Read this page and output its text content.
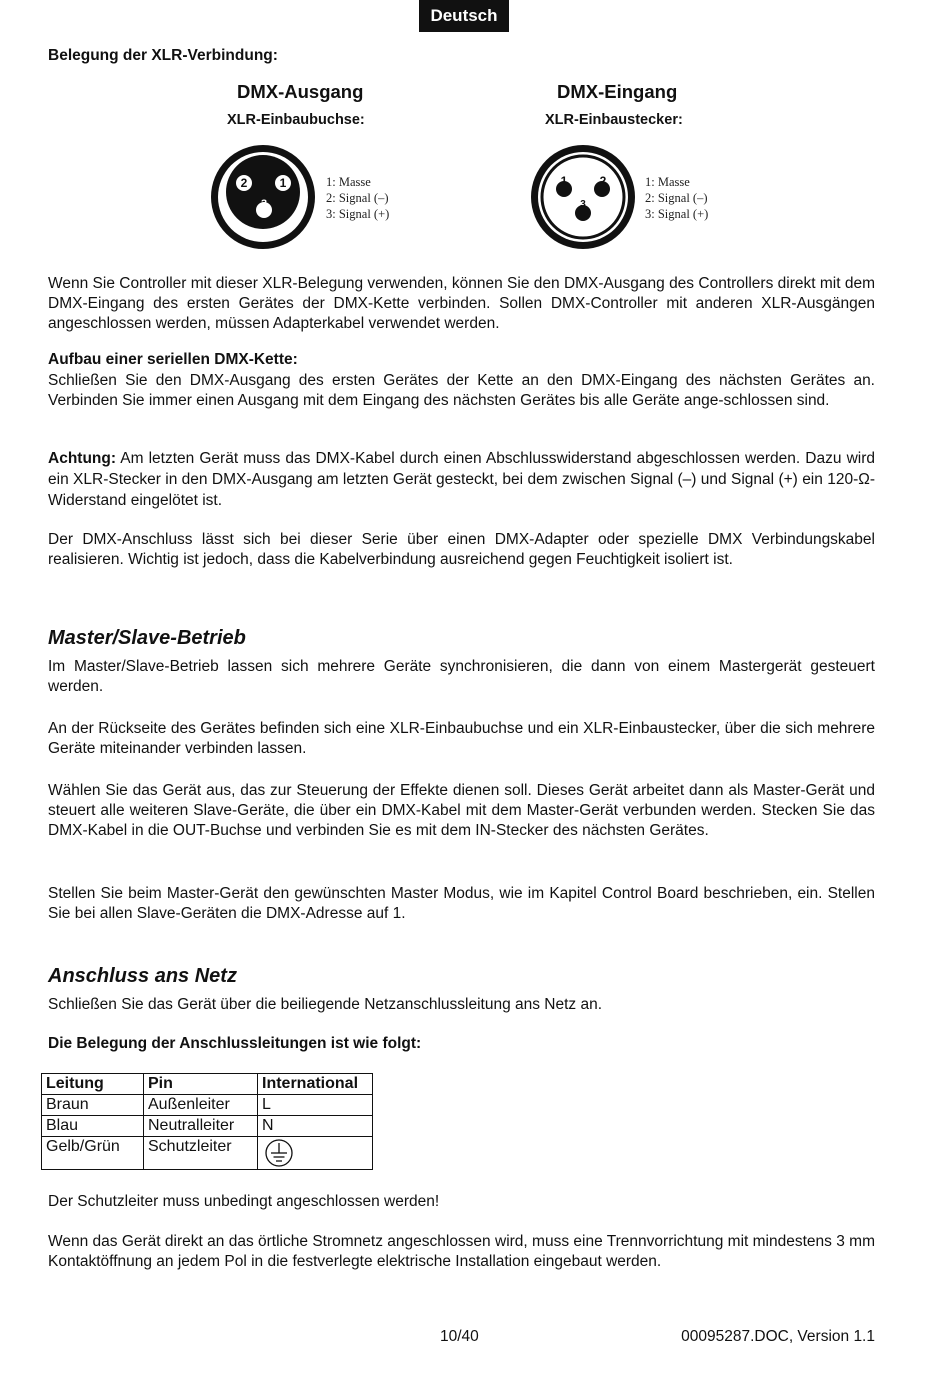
Deutsch
Belegung der XLR-Verbindung:
DMX-Ausgang
XLR-Einbaubuchse:
2	1
3
1: Masse
2: Signal (–)
3: Signal (+)
DMX-Eingang
XLR-Einbaustecker:
1	2
3
1: Masse
2: Signal (–)
3: Signal (+)

Wenn Sie Controller mit dieser XLR-Belegung verwenden, können Sie den DMX-Ausgang des Controllers direkt mit dem DMX-Eingang des ersten Gerätes der DMX-Kette verbinden. Sollen DMX-Controller mit anderen XLR-Ausgängen angeschlossen werden, müssen Adapterkabel verwendet werden.

Aufbau einer seriellen DMX-Kette:

Schließen Sie den DMX-Ausgang des ersten Gerätes der Kette an den DMX-Eingang des nächsten Gerätes an. Verbinden Sie immer einen Ausgang mit dem Eingang des nächsten Gerätes bis alle Geräte ange-schlossen sind.

Achtung: Am letzten Gerät muss das DMX-Kabel durch einen Abschlusswiderstand abgeschlossen werden. Dazu wird ein XLR-Stecker in den DMX-Ausgang am letzten Gerät gesteckt, bei dem zwischen Signal (–) und Signal (+) ein 120-Ω-Widerstand eingelötet ist.

Der DMX-Anschluss lässt sich bei dieser Serie über einen DMX-Adapter oder spezielle DMX Verbindungskabel realisieren. Wichtig ist jedoch, dass die Kabelverbindung ausreichend gegen Feuchtigkeit isoliert ist.

Master/Slave-Betrieb

Im Master/Slave-Betrieb lassen sich mehrere Geräte synchronisieren, die dann von einem Mastergerät gesteuert werden.

An der Rückseite des Gerätes befinden sich eine XLR-Einbaubuchse und ein XLR-Einbaustecker, über die sich mehrere Geräte miteinander verbinden lassen.

Wählen Sie das Gerät aus, das zur Steuerung der Effekte dienen soll. Dieses Gerät arbeitet dann als Master-Gerät und steuert alle weiteren Slave-Geräte, die über ein DMX-Kabel mit dem Master-Gerät verbunden werden. Stecken Sie das DMX-Kabel in die OUT-Buchse und verbinden Sie es mit dem IN-Stecker des nächsten Gerätes.

Stellen Sie beim Master-Gerät den gewünschten Master Modus, wie im Kapitel Control Board beschrieben, ein. Stellen Sie bei allen Slave-Geräten die DMX-Adresse auf 1.

Anschluss ans Netz

Schließen Sie das Gerät über die beiliegende Netzanschlussleitung ans Netz an.

Die Belegung der Anschlussleitungen ist wie folgt:
Leitung	Pin	International
Braun	Außenleiter	L
Blau	Neutralleiter	N
Gelb/Grün	Schutzleiter	

Der Schutzleiter muss unbedingt angeschlossen werden!

Wenn das Gerät direkt an das örtliche Stromnetz angeschlossen wird, muss eine Trennvorrichtung mit mindestens 3 mm Kontaktöffnung an jedem Pol in die festverlegte elektrische Installation eingebaut werden.

10/40	00095287.DOC, Version 1.1
